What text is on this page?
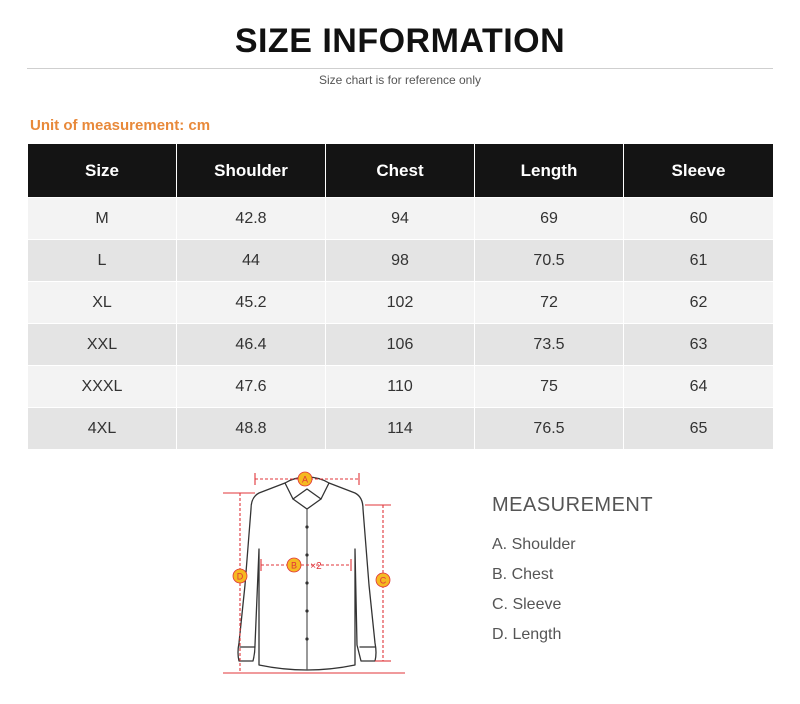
SIZE INFORMATION
Size chart is for reference only
Unit of measurement: cm
Size	Shoulder	Chest	Length	Sleeve
M	42.8	94	69	60
L	44	98	70.5	61
XL	45.2	102	72	62
XXL	46.4	106	73.5	63
XXXL	47.6	110	75	64
4XL	48.8	114	76.5	65
A
B ×2
C
D
MEASUREMENT
A. Shoulder
B. Chest
C. Sleeve
D. Length
